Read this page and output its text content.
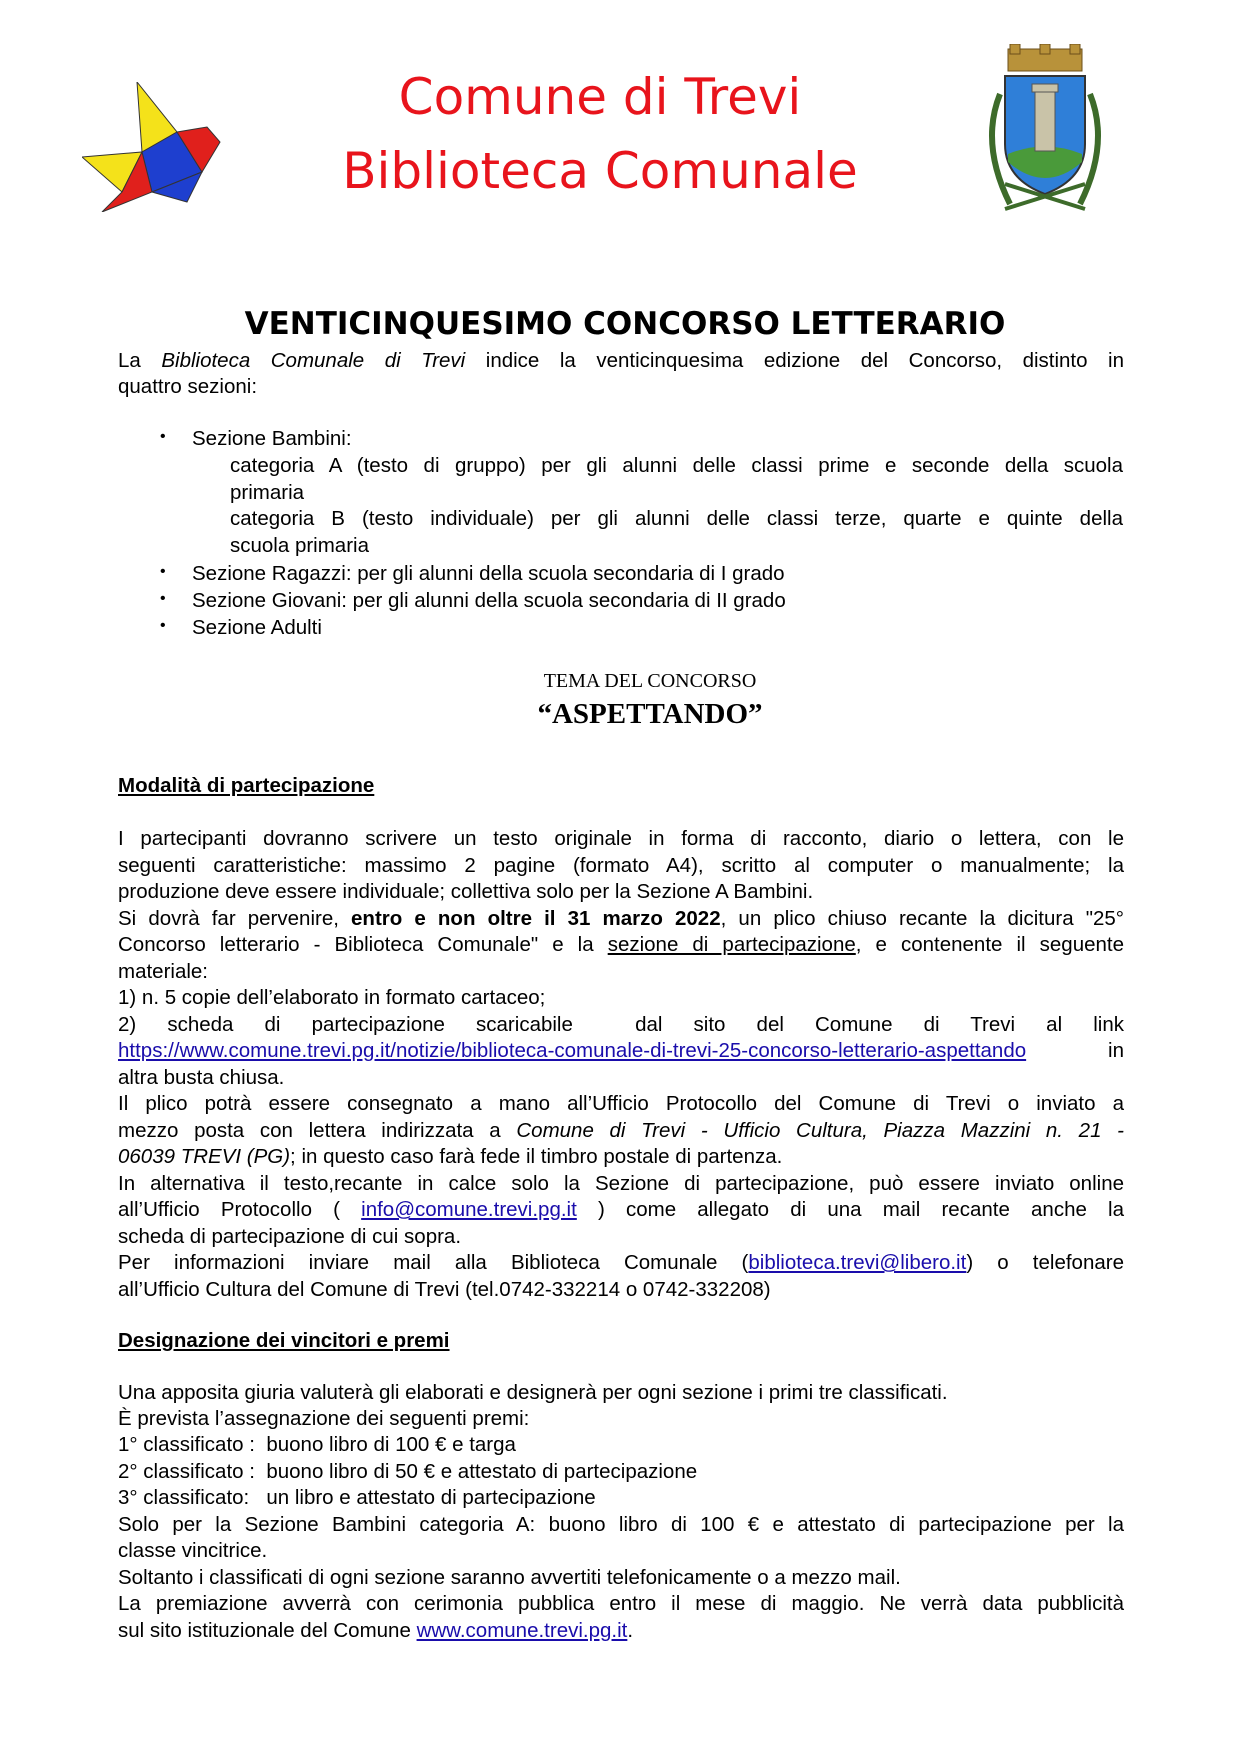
Comune di Trevi
Biblioteca Comunale
VENTICINQUESIMO CONCORSO LETTERARIO
La Biblioteca Comunale di Trevi indice la venticinquesima edizione del Concorso, distinto in
quattro sezioni:
• Sezione Bambini:
categoria A (testo di gruppo) per gli alunni delle classi prime e seconde della scuola
primaria
categoria B (testo individuale) per gli alunni delle classi terze, quarte e quinte della
scuola primaria
• Sezione Ragazzi: per gli alunni della scuola secondaria di I grado
• Sezione Giovani: per gli alunni della scuola secondaria di II grado
• Sezione Adulti
TEMA DEL CONCORSO
“ASPETTANDO”
Modalità di partecipazione
I partecipanti dovranno scrivere un testo originale in forma di racconto, diario o lettera, con le
seguenti caratteristiche: massimo 2 pagine (formato A4), scritto al computer o manualmente; la
produzione deve essere individuale; collettiva solo per la Sezione A Bambini.
Si dovrà far pervenire, entro e non oltre il 31 marzo 2022, un plico chiuso recante la dicitura "25°
Concorso letterario - Biblioteca Comunale" e la sezione di partecipazione, e contenente il seguente
materiale:
1) n. 5 copie dell’elaborato in formato cartaceo;
2)  scheda  di  partecipazione  scaricabile    dal  sito  del  Comune  di  Trevi  al  link
https://www.comune.trevi.pg.it/notizie/biblioteca-comunale-di-trevi-25-concorso-letterario-aspettando	in
altra busta chiusa.
Il plico potrà essere consegnato a mano all’Ufficio Protocollo del Comune di Trevi o inviato a
mezzo posta con lettera indirizzata a Comune di Trevi - Ufficio Cultura, Piazza Mazzini n. 21 -
06039 TREVI (PG); in questo caso farà fede il timbro postale di partenza.
In alternativa il testo,recante in calce solo la Sezione di partecipazione, può essere inviato online
all’Ufficio Protocollo ( info@comune.trevi.pg.it ) come allegato di una mail recante anche la
scheda di partecipazione di cui sopra.
Per informazioni inviare mail alla Biblioteca Comunale (biblioteca.trevi@libero.it) o telefonare
all’Ufficio Cultura del Comune di Trevi (tel.0742-332214 o 0742-332208)
Designazione dei vincitori e premi
Una apposita giuria valuterà gli elaborati e designerà per ogni sezione i primi tre classificati.
È prevista l’assegnazione dei seguenti premi:
1° classificato :  buono libro di 100 € e targa
2° classificato :  buono libro di 50 € e attestato di partecipazione
3° classificato:   un libro e attestato di partecipazione
Solo per la Sezione Bambini categoria A: buono libro di 100 € e attestato di partecipazione per la
classe vincitrice.
Soltanto i classificati di ogni sezione saranno avvertiti telefonicamente o a mezzo mail.
La premiazione avverrà con cerimonia pubblica entro il mese di maggio. Ne verrà data pubblicità
sul sito istituzionale del Comune www.comune.trevi.pg.it.
